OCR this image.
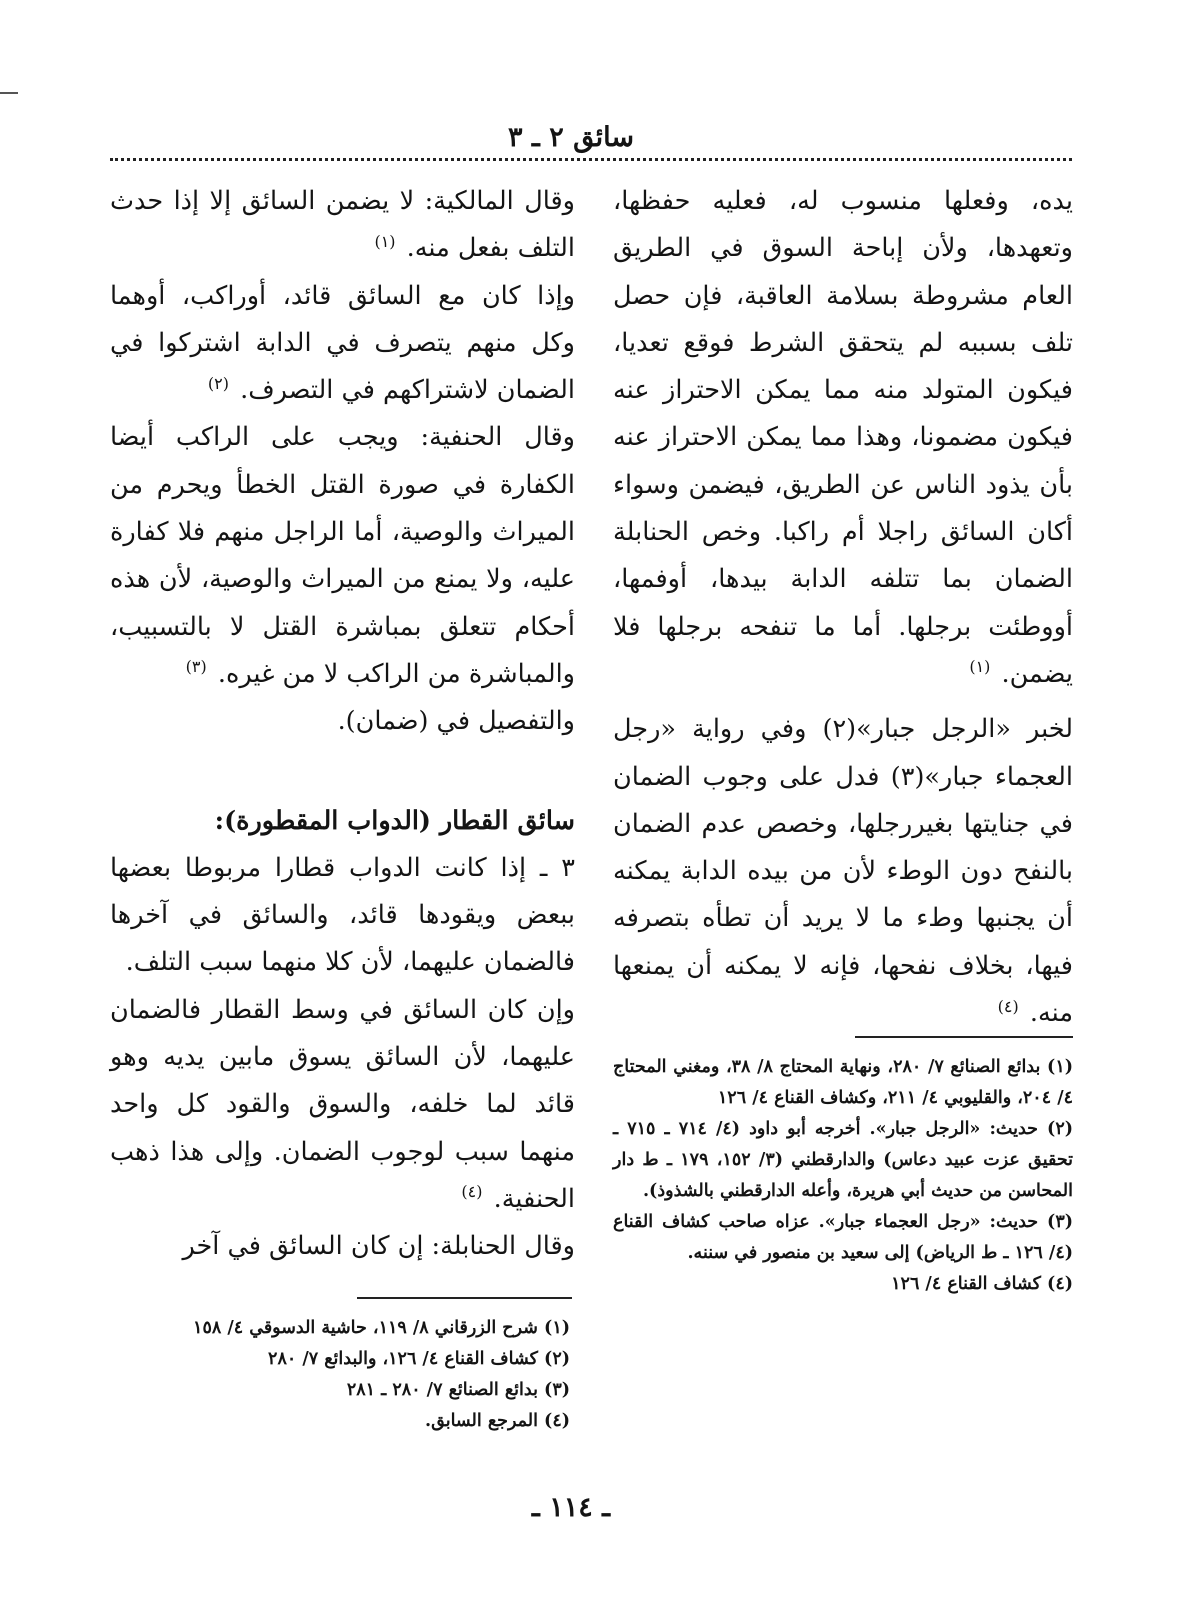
سائق ٢ ـ ٣

يده، وفعلها منسوب له، فعليه حفظها، وتعهدها، ولأن إباحة السوق في الطريق العام مشروطة بسلامة العاقبة، فإن حصل تلف بسببه لم يتحقق الشرط فوقع تعديا، فيكون المتولد منه مما يمكن الاحتراز عنه فيكون مضمونا، وهذا مما يمكن الاحتراز عنه بأن يذود الناس عن الطريق، فيضمن وسواء أكان السائق راجلا أم راكبا. وخص الحنابلة الضمان بما تتلفه الدابة بيدها، أوفمها، أووطئت برجلها. أما ما تنفحه برجلها فلا يضمن. $^{(١)}$

لخبر «الرجل جبار»(٢) وفي رواية «رجل العجماء جبار»(٣) فدل على وجوب الضمان في جنايتها بغيررجلها، وخصص عدم الضمان بالنفح دون الوطء لأن من بيده الدابة يمكنه أن يجنبها وطء ما لا يريد أن تطأه بتصرفه فيها، بخلاف نفحها، فإنه لا يمكنه أن يمنعها منه. $^{(٤)}$

وقال المالكية: لا يضمن السائق إلا إذا حدث التلف بفعل منه. $^{(١)}$

وإذا كان مع السائق قائد، أوراكب، أوهما وكل منهم يتصرف في الدابة اشتركوا في الضمان لاشتراكهم في التصرف. $^{(٢)}$

وقال الحنفية: ويجب على الراكب أيضا الكفارة في صورة القتل الخطأ ويحرم من الميراث والوصية، أما الراجل منهم فلا كفارة عليه، ولا يمنع من الميراث والوصية، لأن هذه أحكام تتعلق بمباشرة القتل لا بالتسبيب، والمباشرة من الراكب لا من غيره. $^{(٣)}$

والتفصيل في (ضمان).

سائق القطار (الدواب المقطورة):

٣ ـ إذا كانت الدواب قطارا مربوطا بعضها ببعض ويقودها قائد، والسائق في آخرها فالضمان عليهما، لأن كلا منهما سبب التلف.

وإن كان السائق في وسط القطار فالضمان عليهما، لأن السائق يسوق مابين يديه وهو قائد لما خلفه، والسوق والقود كل واحد منهما سبب لوجوب الضمان. وإلى هذا ذهب الحنفية. $^{(٤)}$

وقال الحنابلة: إن كان السائق في آخر

(١) بدائع الصنائع ٧/ ٢٨٠، ونهاية المحتاج ٨/ ٣٨، ومغني المحتاج ٤/ ٢٠٤، والقليوبي ٤/ ٢١١، وكشاف القناع ٤/ ١٢٦

(٢) حديث: «الرجل جبار». أخرجه أبو داود (٤/ ٧١٤ ـ ٧١٥ ـ تحقيق عزت عبيد دعاس) والدارقطني (٣/ ١٥٢، ١٧٩ ـ ط دار المحاسن من حديث أبي هريرة، وأعله الدارقطني بالشذوذ).

(٣) حديث: «رجل العجماء جبار». عزاه صاحب كشاف القناع (٤/ ١٢٦ ـ ط الرياض) إلى سعيد بن منصور في سننه.

(٤) كشاف القناع ٤/ ١٢٦

(١) شرح الزرقاني ٨/ ١١٩، حاشية الدسوقي ٤/ ١٥٨

(٢) كشاف القناع ٤/ ١٢٦، والبدائع ٧/ ٢٨٠

(٣) بدائع الصنائع ٧/ ٢٨٠ ـ ٢٨١

(٤) المرجع السابق.

ـ ١١٤ ـ
